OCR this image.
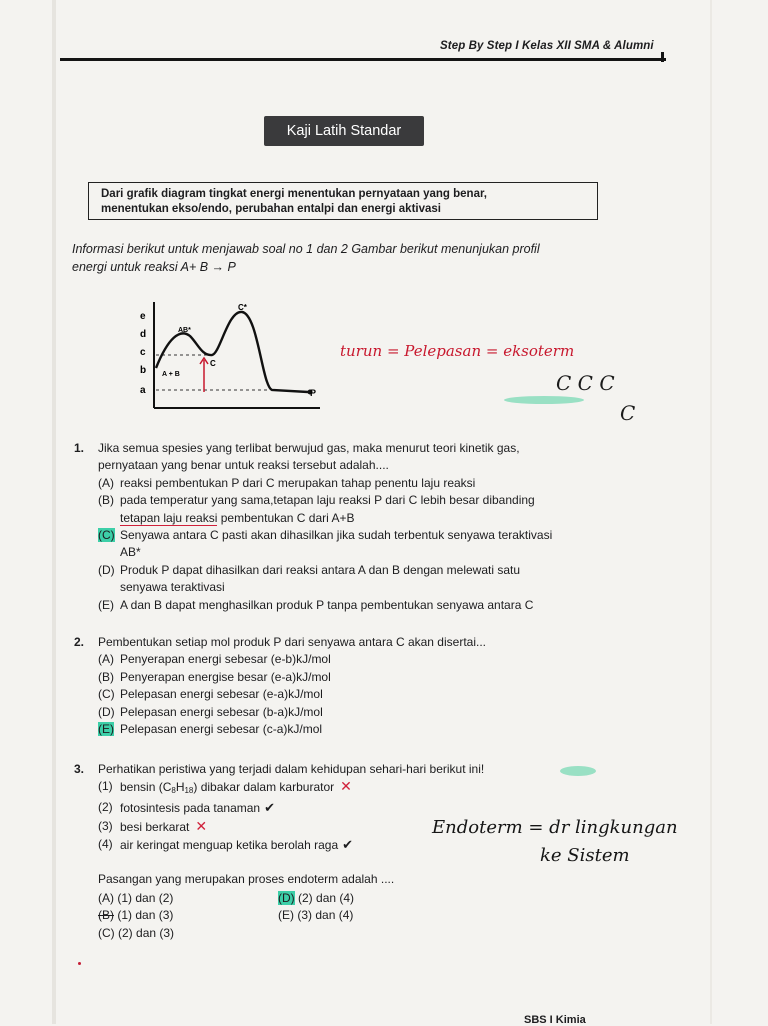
Step By Step I Kelas XII SMA & Alumni
Kaji Latih Standar
Dari grafik diagram tingkat energi menentukan pernyataan yang benar,
menentukan ekso/endo, perubahan entalpi dan energi aktivasi
Informasi berikut untuk menjawab soal no 1 dan 2 Gambar berikut menunjukan profil
energi untuk reaksi A+ B → P
e
d
c
b
a
AB*
C*
C
A + B
P
turun = Pelepasan = eksoterm
C C C
C
1. Jika semua spesies yang terlibat berwujud gas, maka menurut teori kinetik gas,
pernyataan yang benar untuk reaksi tersebut adalah....
(A) reaksi pembentukan P dari C merupakan tahap penentu laju reaksi
(B) pada temperatur yang sama,tetapan laju reaksi P dari C lebih besar dibanding
tetapan laju reaksi pembentukan C dari A+B
(C) Senyawa antara C pasti akan dihasilkan jika sudah terbentuk senyawa teraktivasi
AB*
(D) Produk P dapat dihasilkan dari reaksi antara A dan B dengan melewati satu
senyawa teraktivasi
(E) A dan B dapat menghasilkan produk P tanpa pembentukan senyawa antara C
2. Pembentukan setiap mol produk P dari senyawa antara C akan disertai...
(A) Penyerapan energi sebesar (e-b)kJ/mol
(B) Penyerapan energise besar (e-a)kJ/mol
(C) Pelepasan energi sebesar (e-a)kJ/mol
(D) Pelepasan energi sebesar (b-a)kJ/mol
(E) Pelepasan energi sebesar (c-a)kJ/mol
3. Perhatikan peristiwa yang terjadi dalam kehidupan sehari-hari berikut ini!
(1) bensin $(C_8H_{18})$ dibakar dalam karburator ✕
(2) fotosintesis pada tanaman ✔
(3) besi berkarat ✕
(4) air keringat menguap ketika berolah raga ✔
Pasangan yang merupakan proses endoterm adalah ....
(A) (1) dan (2)	(D) (2) dan (4)
(B) (1) dan (3)	(E) (3) dan (4)
(C) (2) dan (3)
Endoterm = dr lingkungan
ke Sistem
SBS I Kimia
